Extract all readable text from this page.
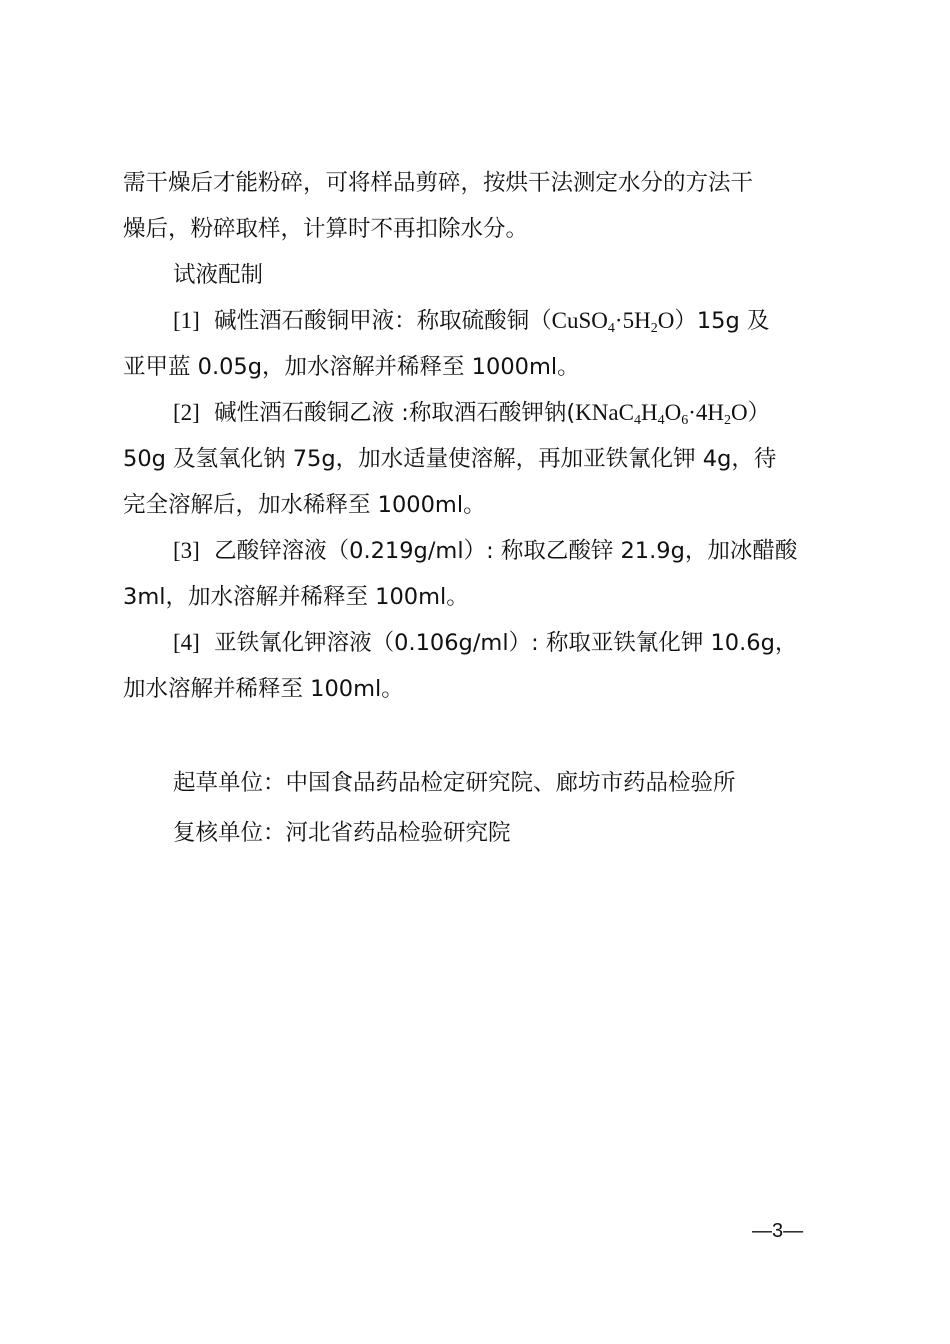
需干燥后才能粉碎，可将样品剪碎，按烘干法测定水分的方法干
燥后，粉碎取样，计算时不再扣除水分。
试液配制
[1] 碱性酒石酸铜甲液：称取硫酸铜$(CuSO_4\cdot 5H_2O)15g$ 及
亚甲蓝 0.05g，加水溶解并稀释至 1000ml。
[2] 碱性酒石酸铜乙液 :称取酒石酸钾钠$(KNaC_4H_4O_6\cdot 4H_2O)$
50g 及氢氧化钠 75g，加水适量使溶解，再加亚铁氰化钾 4g，待
完全溶解后，加水稀释至 1000ml。
[3] 乙酸锌溶液（0.219g/ml）: 称取乙酸锌 21.9g，加冰醋酸
3ml，加水溶解并稀释至 100ml。
[4] 亚铁氰化钾溶液（0.106g/ml）: 称取亚铁氰化钾 10.6g，
加水溶解并稀释至 100ml。
起草单位：中国食品药品检定研究院、廊坊市药品检验所
复核单位：河北省药品检验研究院
—3—
